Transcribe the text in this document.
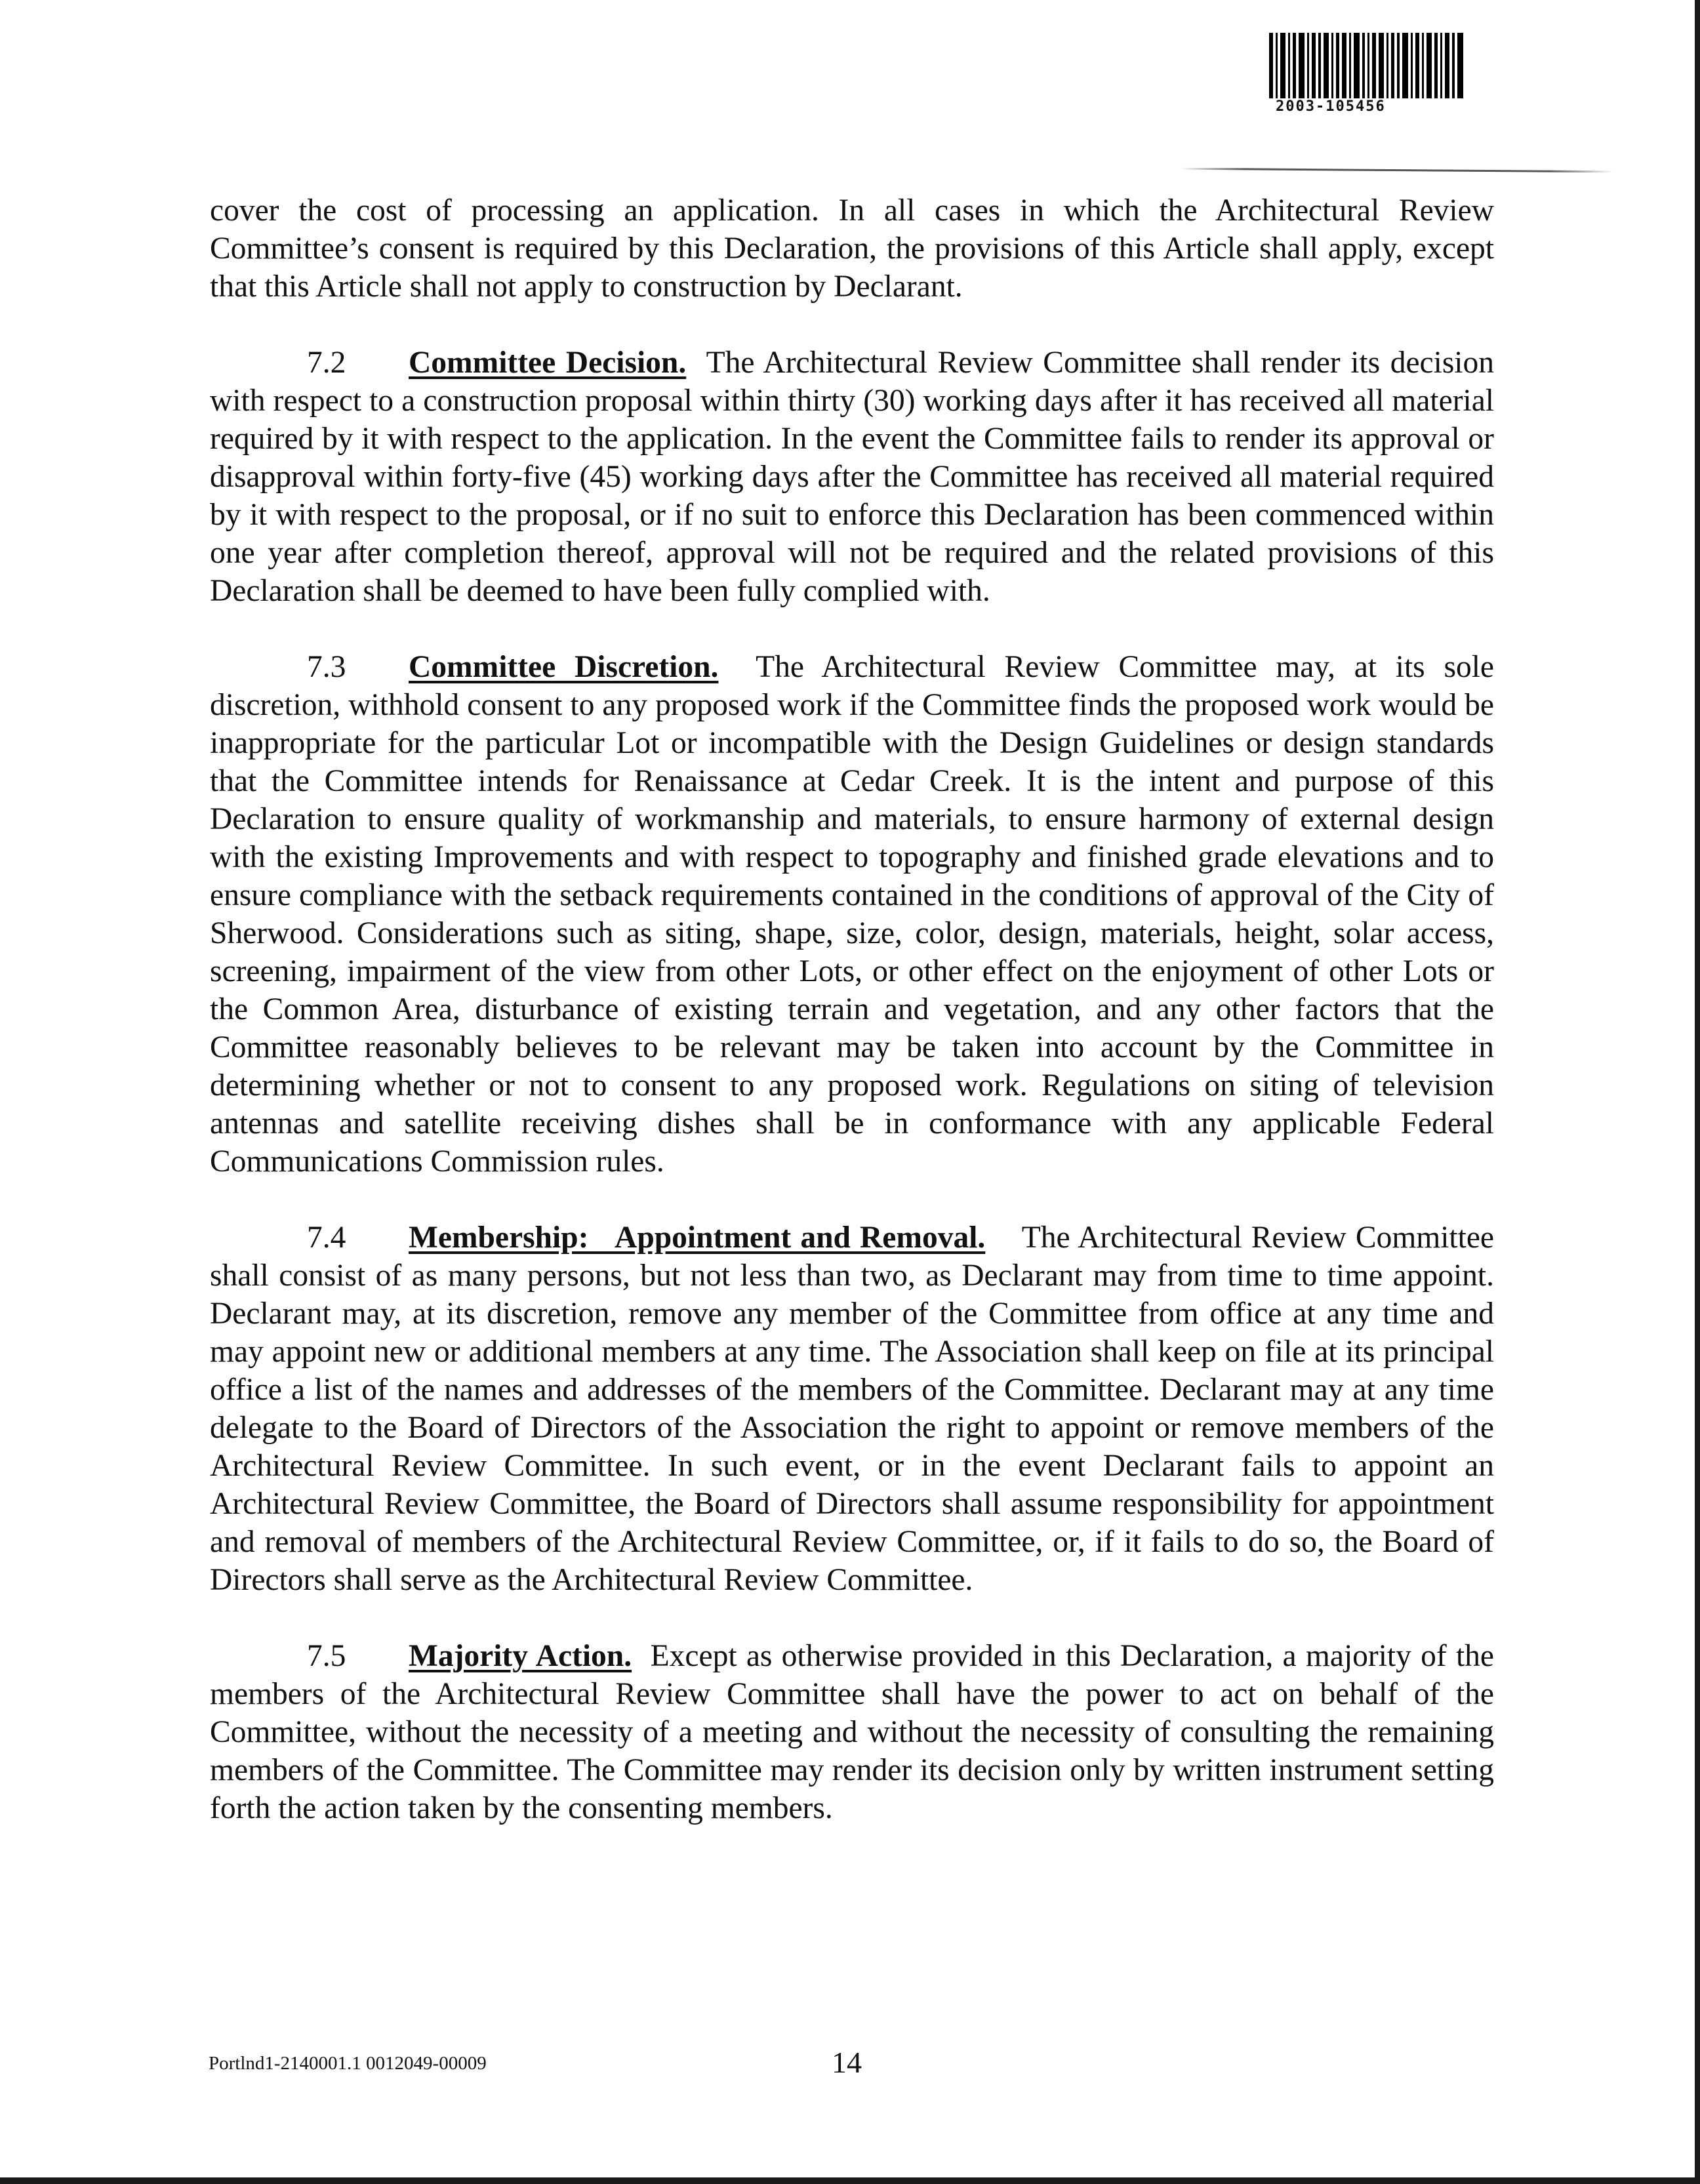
2003-105456

cover the cost of processing an application. In all cases in which the Architectural Review Committee’s consent is required by this Declaration, the provisions of this Article shall apply, except that this Article shall not apply to construction by Declarant.

7.2 Committee Decision. The Architectural Review Committee shall render its decision with respect to a construction proposal within thirty (30) working days after it has received all material required by it with respect to the application. In the event the Committee fails to render its approval or disapproval within forty-five (45) working days after the Committee has received all material required by it with respect to the proposal, or if no suit to enforce this Declaration has been commenced within one year after completion thereof, approval will not be required and the related provisions of this Declaration shall be deemed to have been fully complied with.

7.3 Committee Discretion. The Architectural Review Committee may, at its sole discretion, withhold consent to any proposed work if the Committee finds the proposed work would be inappropriate for the particular Lot or incompatible with the Design Guidelines or design standards that the Committee intends for Renaissance at Cedar Creek. It is the intent and purpose of this Declaration to ensure quality of workmanship and materials, to ensure harmony of external design with the existing Improvements and with respect to topography and finished grade elevations and to ensure compliance with the setback requirements contained in the conditions of approval of the City of Sherwood. Considerations such as siting, shape, size, color, design, materials, height, solar access, screening, impairment of the view from other Lots, or other effect on the enjoyment of other Lots or the Common Area, disturbance of existing terrain and vegetation, and any other factors that the Committee reasonably believes to be relevant may be taken into account by the Committee in determining whether or not to consent to any proposed work. Regulations on siting of television antennas and satellite receiving dishes shall be in conformance with any applicable Federal Communications Commission rules.

7.4 Membership:   Appointment and Removal. The Architectural Review Committee shall consist of as many persons, but not less than two, as Declarant may from time to time appoint. Declarant may, at its discretion, remove any member of the Committee from office at any time and may appoint new or additional members at any time. The Association shall keep on file at its principal office a list of the names and addresses of the members of the Committee. Declarant may at any time delegate to the Board of Directors of the Association the right to appoint or remove members of the Architectural Review Committee. In such event, or in the event Declarant fails to appoint an Architectural Review Committee, the Board of Directors shall assume responsibility for appointment and removal of members of the Architectural Review Committee, or, if it fails to do so, the Board of Directors shall serve as the Architectural Review Committee.

7.5 Majority Action. Except as otherwise provided in this Declaration, a majority of the members of the Architectural Review Committee shall have the power to act on behalf of the Committee, without the necessity of a meeting and without the necessity of consulting the remaining members of the Committee. The Committee may render its decision only by written instrument setting forth the action taken by the consenting members.

Portlnd1-2140001.1 0012049-00009	14
